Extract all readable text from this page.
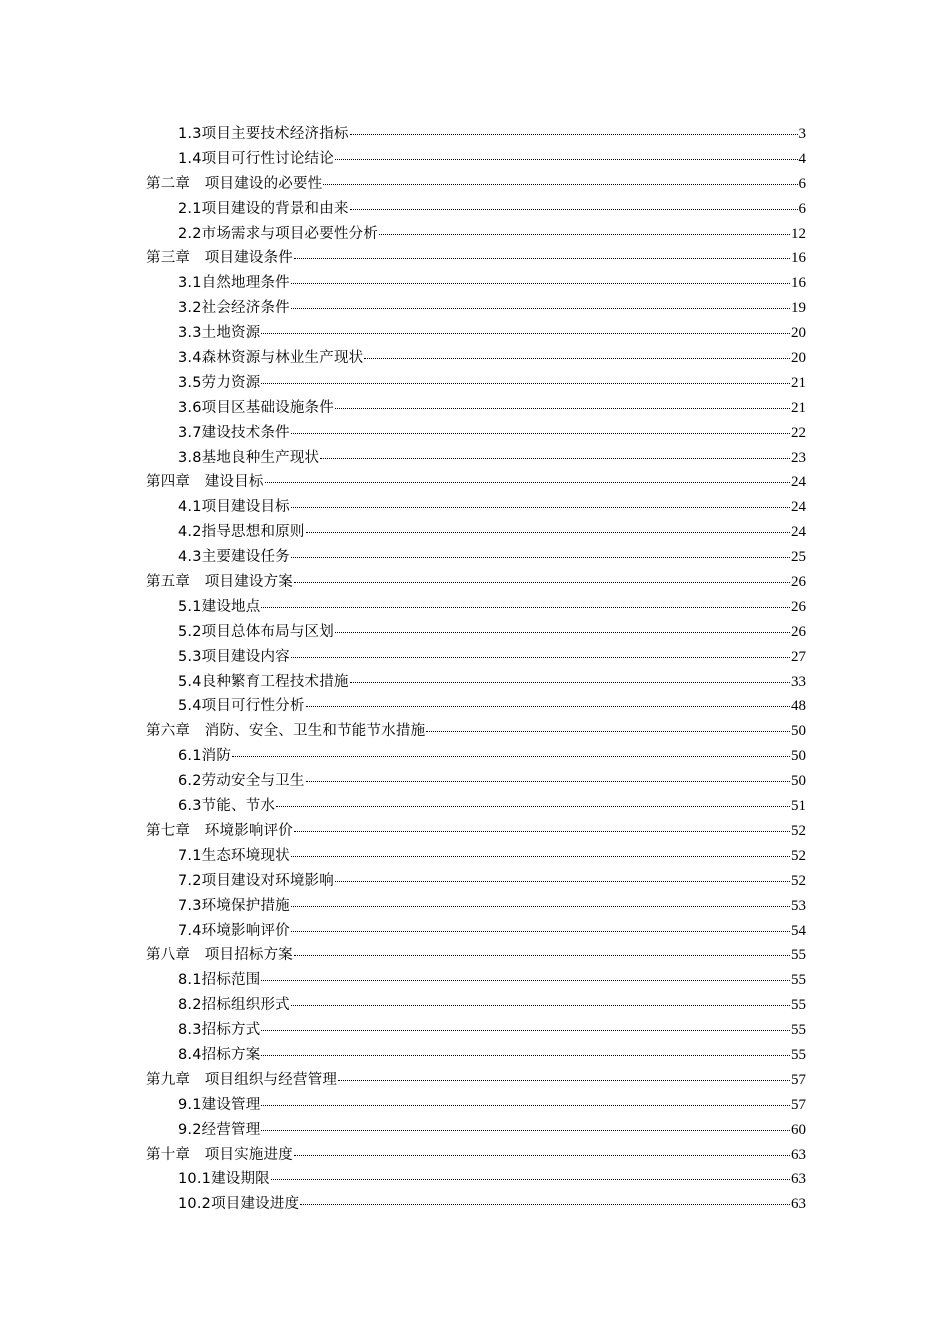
1.3项目主要技术经济指标	3
1.4项目可行性讨论结论	4
第二章　项目建设的必要性	6
2.1项目建设的背景和由来	6
2.2市场需求与项目必要性分析	12
第三章　项目建设条件	16
3.1自然地理条件	16
3.2社会经济条件	19
3.3土地资源	20
3.4森林资源与林业生产现状	20
3.5劳力资源	21
3.6项目区基础设施条件	21
3.7建设技术条件	22
3.8基地良种生产现状	23
第四章　建设目标	24
4.1项目建设目标	24
4.2指导思想和原则	24
4.3主要建设任务	25
第五章　项目建设方案	26
5.1建设地点	26
5.2项目总体布局与区划	26
5.3项目建设内容	27
5.4良种繁育工程技术措施	33
5.4项目可行性分析	48
第六章　消防、安全、卫生和节能节水措施	50
6.1消防	50
6.2劳动安全与卫生	50
6.3节能、节水	51
第七章　环境影响评价	52
7.1生态环境现状	52
7.2项目建设对环境影响	52
7.3环境保护措施	53
7.4环境影响评价	54
第八章　项目招标方案	55
8.1招标范围	55
8.2招标组织形式	55
8.3招标方式	55
8.4招标方案	55
第九章　项目组织与经营管理	57
9.1建设管理	57
9.2经营管理	60
第十章　项目实施进度	63
10.1建设期限	63
10.2项目建设进度	63
